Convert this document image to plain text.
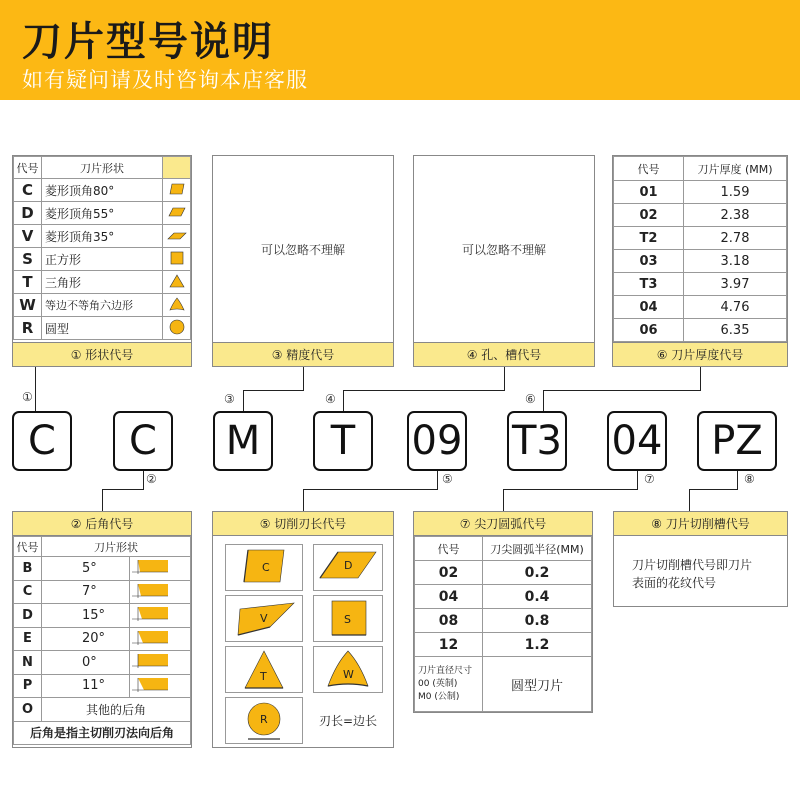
刀片型号说明
如有疑问请及时咨询本店客服
代号	刀片形状	
C	菱形顶角80°	
D	菱形顶角55°	
V	菱形顶角35°	
S	正方形	
T	三角形	
W	等边不等角六边形	
R	圆型	
① 形状代号
可以忽略不理解
③ 精度代号
可以忽略不理解
④ 孔、槽代号
代号	刀片厚度 (MM)
01	1.59
02	2.38
T2	2.78
03	3.18
T3	3.97
04	4.76
06	6.35
⑥ 刀片厚度代号
①	③	④	⑥
C	C	M	T	09 T3 04	PZ
②	⑤	⑦	⑧
② 后角代号
代号	刀片形状	
B	5°	
C	7°	
D	15°	
E	20°	
N	0°	
P	11°	
O	其他的后角	
后角是指主切削刃法向后角		
⑤ 切削刃长代号
C	D
V	S
T	W
R	刃长=边长
⑦ 尖刀圆弧代号
代号	刀尖圆弧半径(MM)
02	0.2
04	0.4
08	0.8
12	1.2

刀片直径尺寸
00 (英制)
M0 (公制)	圆型刀片
⑧ 刀片切削槽代号
刀片切削槽代号即刀片
表面的花纹代号
